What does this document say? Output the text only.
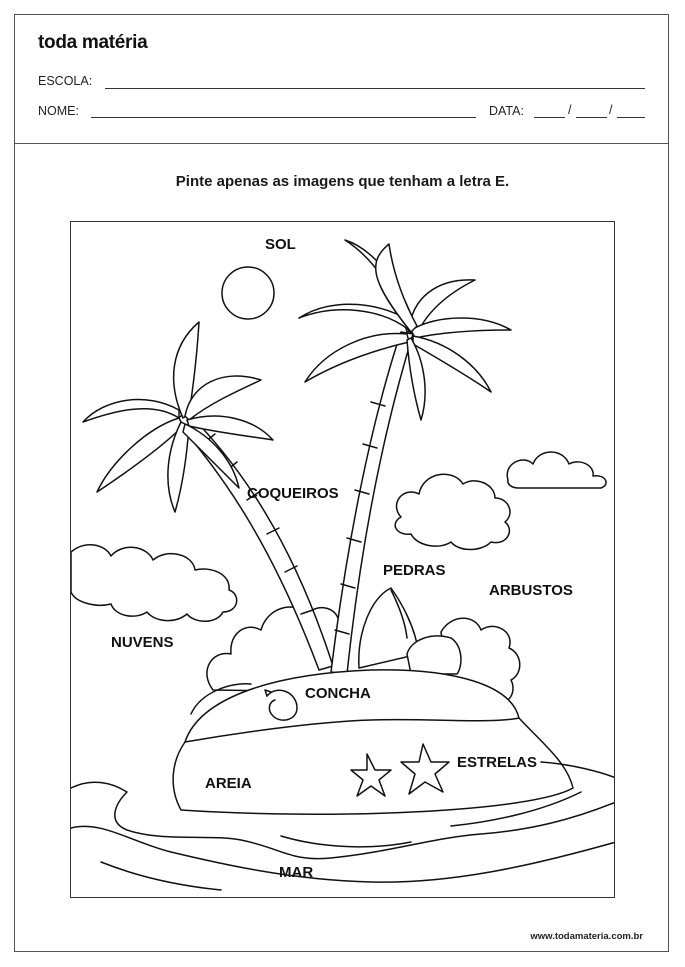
toda matéria
ESCOLA:
NOME:	DATA:	/	/
Pinte apenas as imagens que tenham a letra E.
SOL
COQUEIROS
PEDRAS
ARBUSTOS
NUVENS
CONCHA
ESTRELAS
AREIA
MAR
www.todamateria.com.br
